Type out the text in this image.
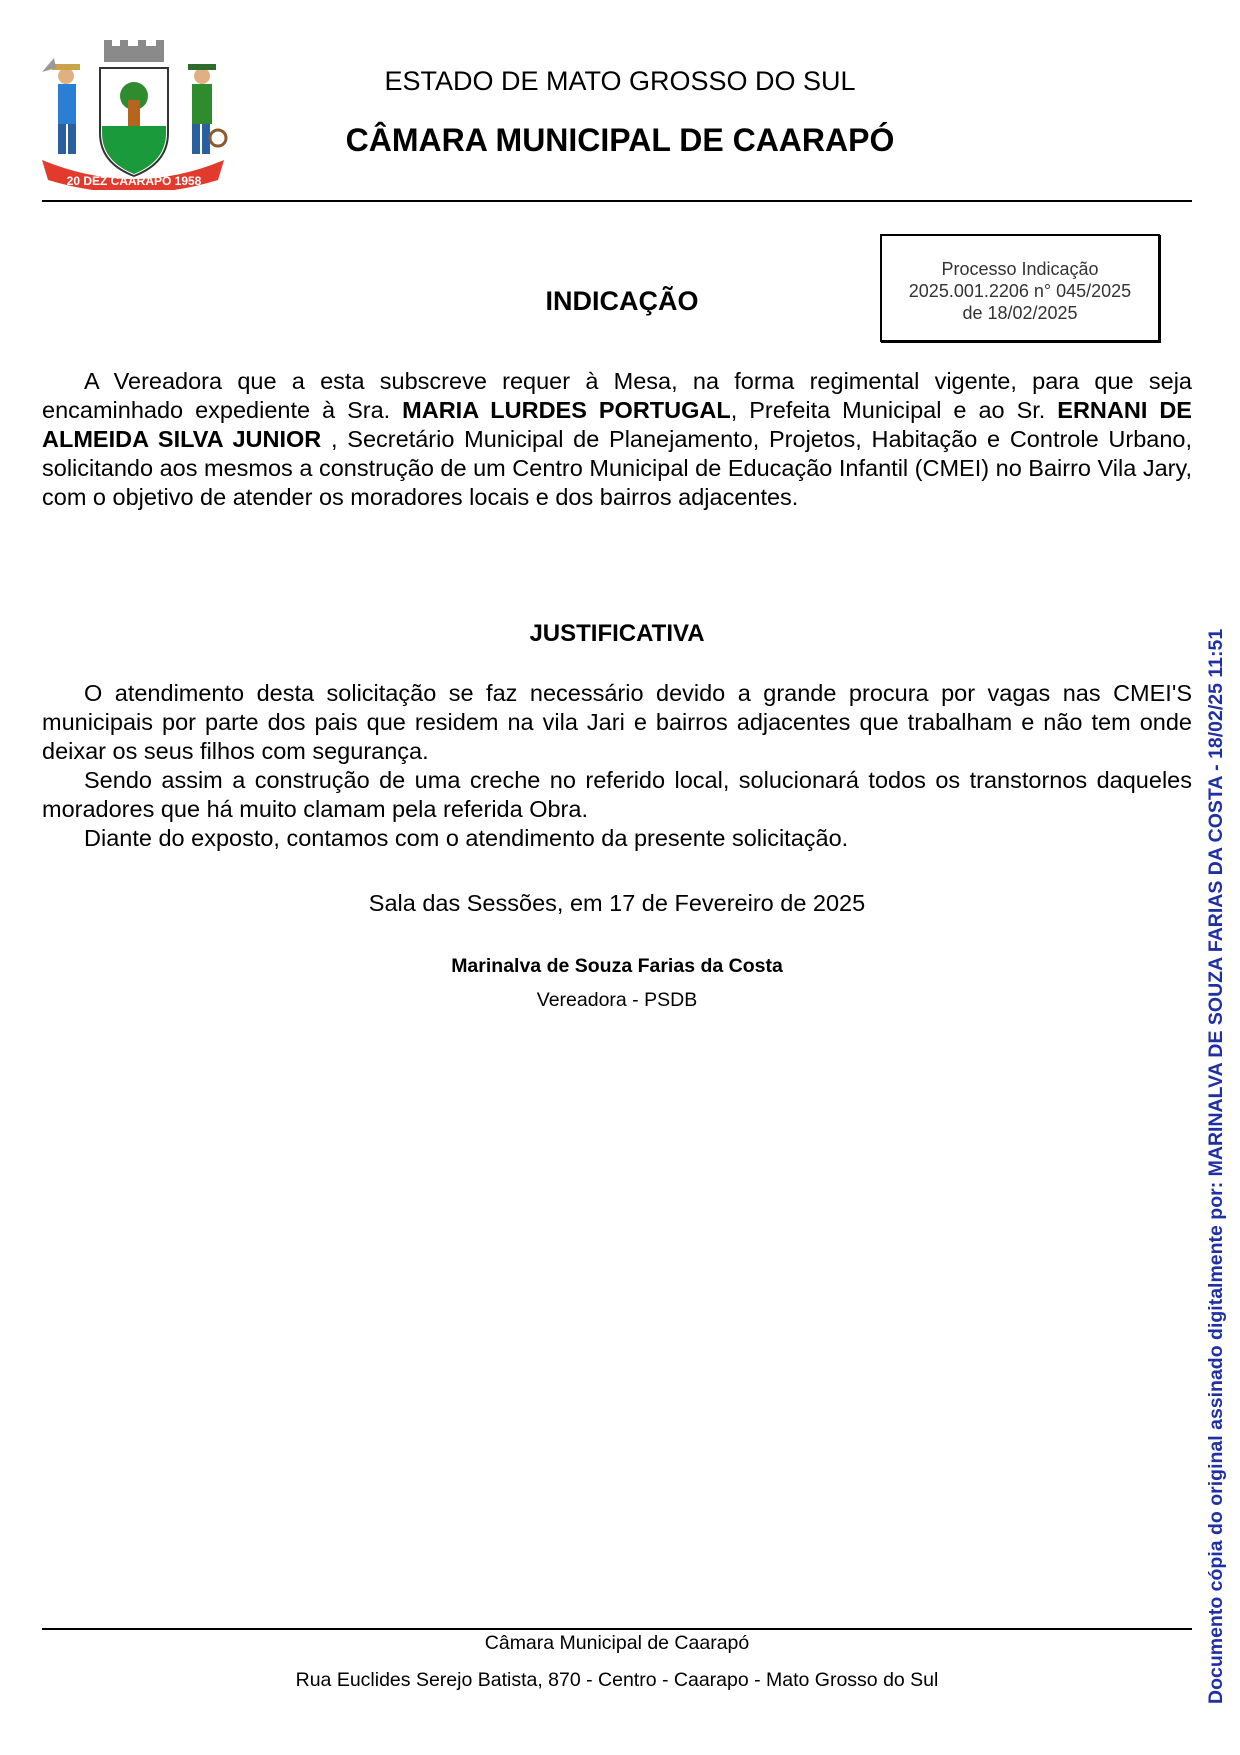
20 DEZ CAARAPÓ 1958
ESTADO DE MATO GROSSO DO SUL
CÂMARA MUNICIPAL DE CAARAPÓ
Processo Indicação
2025.001.2206 n° 045/2025
de 18/02/2025
INDICAÇÃO
A Vereadora que a esta subscreve requer à Mesa, na forma regimental vigente, para que seja encaminhado expediente à Sra. MARIA LURDES PORTUGAL, Prefeita Municipal e ao Sr. ERNANI DE ALMEIDA SILVA JUNIOR , Secretário Municipal de Planejamento, Projetos, Habitação e Controle Urbano, solicitando aos mesmos a construção de um Centro Municipal de Educação Infantil (CMEI) no Bairro Vila Jary, com o objetivo de atender os moradores locais e dos bairros adjacentes.
JUSTIFICATIVA
O atendimento desta solicitação se faz necessário devido a grande procura por vagas nas CMEI'S municipais por parte dos pais que residem na vila Jari e bairros adjacentes que trabalham e não tem onde deixar os seus filhos com segurança.
Sendo assim a construção de uma creche no referido local, solucionará todos os transtornos daqueles moradores que há muito clamam pela referida Obra.
Diante do exposto, contamos com o atendimento da presente solicitação.
Sala das Sessões, em 17 de Fevereiro de 2025
Marinalva de Souza Farias da Costa
Vereadora - PSDB
Câmara Municipal de Caarapó
Rua Euclides Serejo Batista, 870 - Centro - Caarapo - Mato Grosso do Sul	Documento cópia do original assinado digitalmente por: MARINALVA DE SOUZA FARIAS DA COSTA - 18/02/25 11:51
